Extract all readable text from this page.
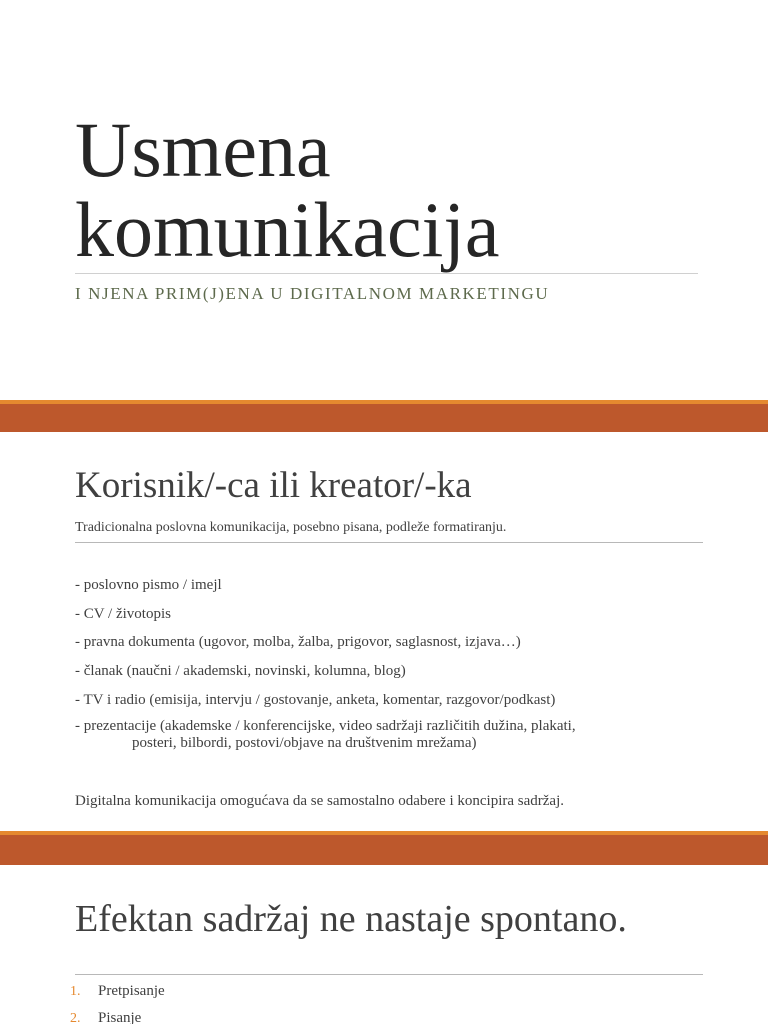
Usmena
komunikacija

I NJENA PRIM(J)ENA U DIGITALNOM MARKETINGU

Korisnik/-ca ili kreator/-ka
Tradicionalna poslovna komunikacija, posebno pisana, podleže formatiranju.
- poslovno pismo / imejl
- CV / životopis
- pravna dokumenta (ugovor, molba, žalba, prigovor, saglasnost, izjava…)
- članak (naučni / akademski, novinski, kolumna, blog)
- TV i radio (emisija, intervju / gostovanje, anketa, komentar, razgovor/podkast)
- prezentacije (akademske / konferencijske, video sadržaji različitih dužina, plakati,
posteri, bilbordi, postovi/objave na društvenim mrežama)
Digitalna komunikacija omogućava da se samostalno odabere i koncipira sadržaj.
Efektan sadržaj ne nastaje spontano.
1. Pretpisanje
2. Pisanje
